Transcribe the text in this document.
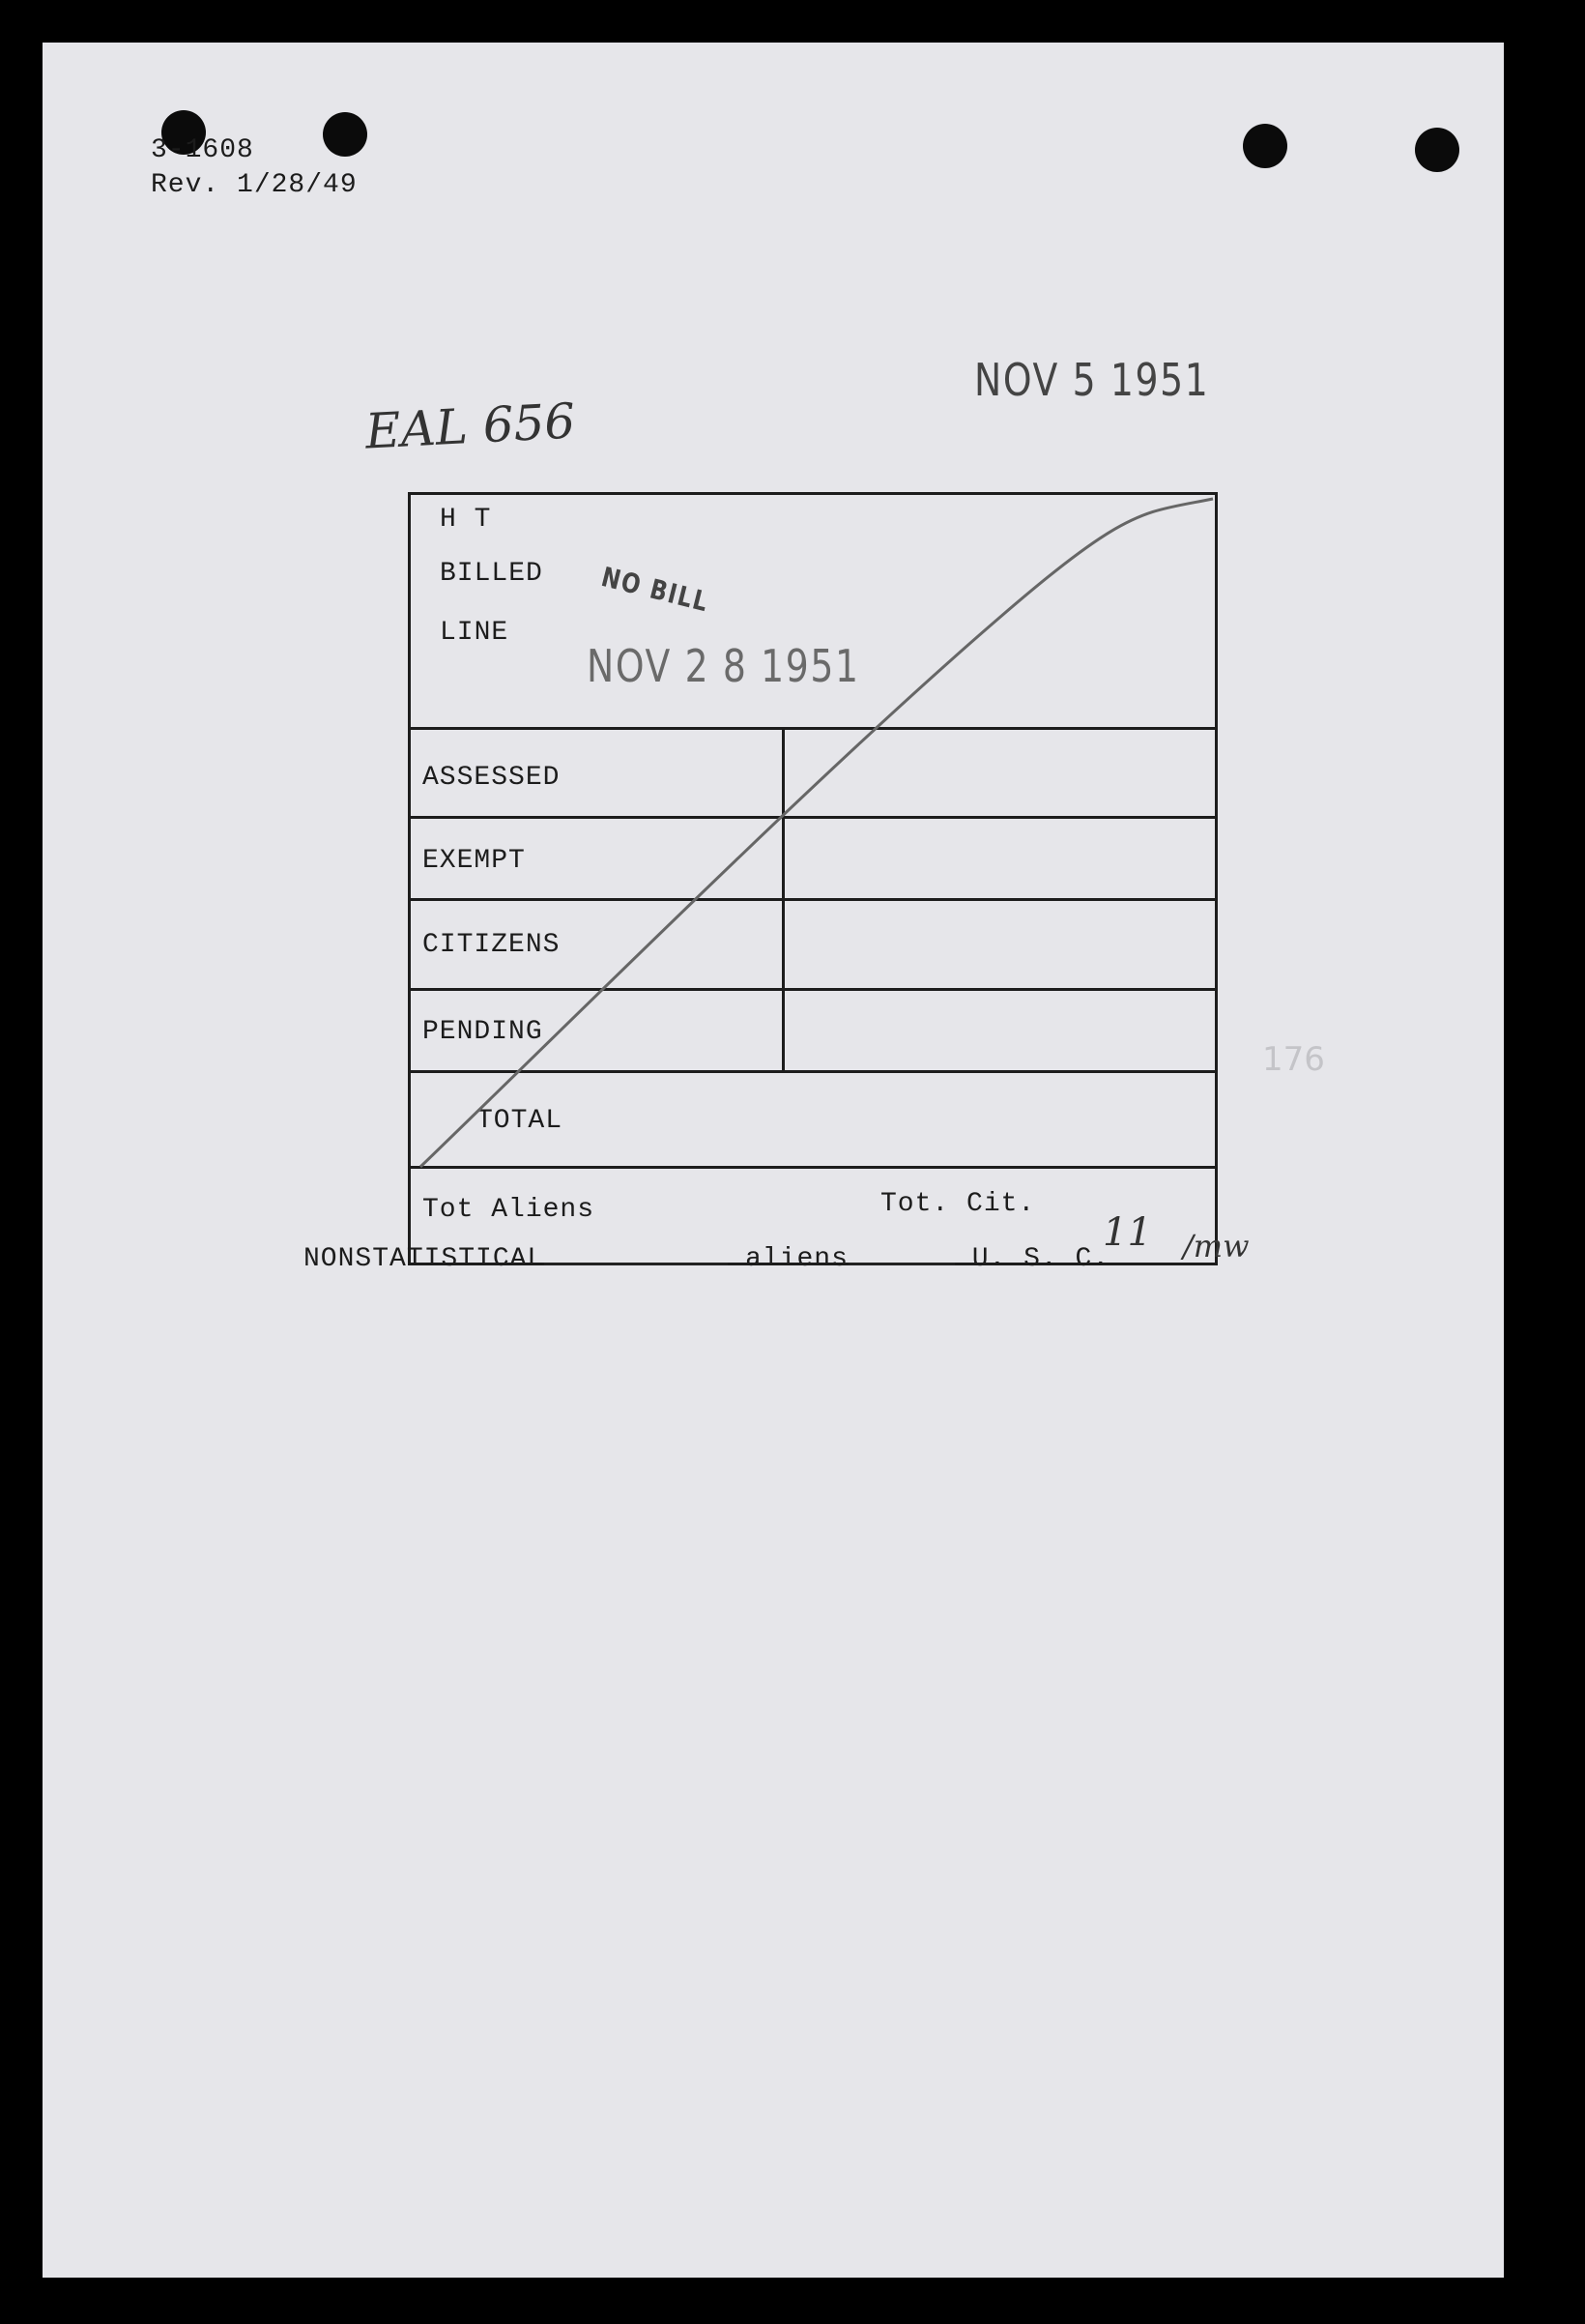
3-1608
Rev. 1/28/49
NOV 5 1951
EAL 656
H T
BILLED
LINE
NO BILL
NOV 2 8 1951
ASSESSED
EXEMPT
CITIZENS
PENDING
TOTAL
Tot Aliens	Tot. Cit.
11 /mw
176
NONSTATISTICAL	aliens	U. S. C.
